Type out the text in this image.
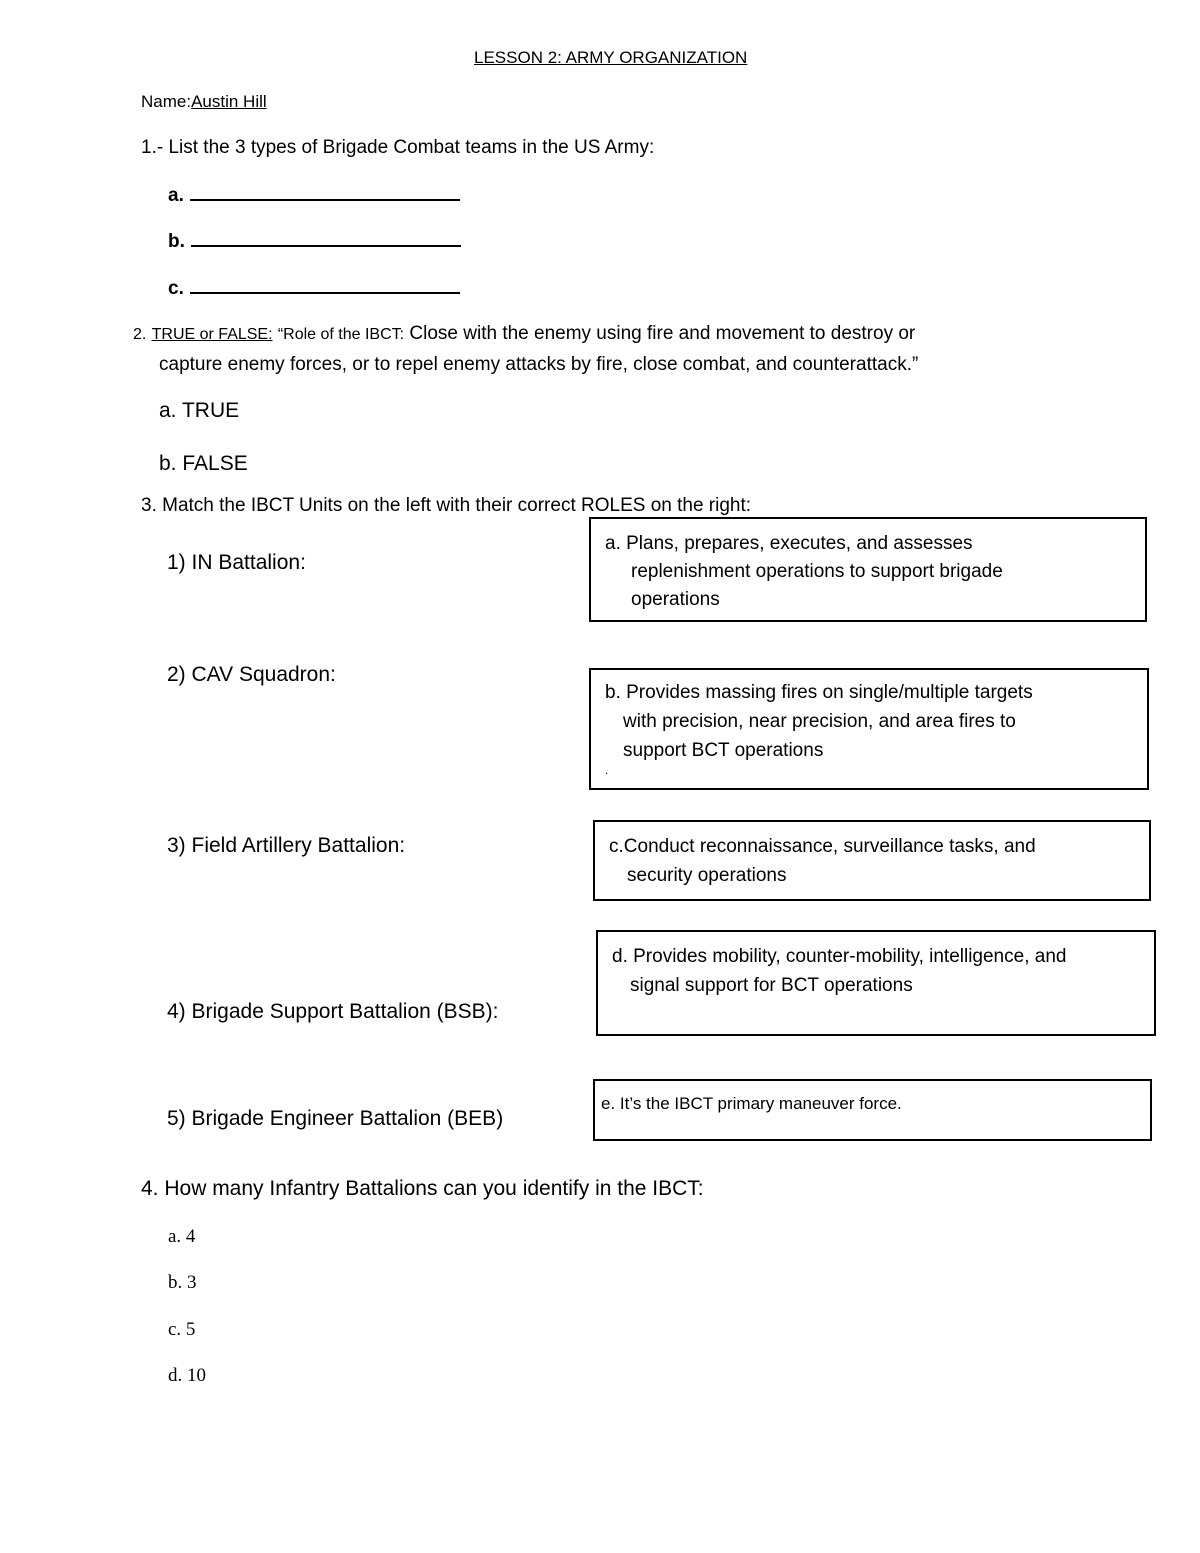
LESSON 2: ARMY ORGANIZATION
Name:Austin Hill
1.- List the 3 types of Brigade Combat teams in the US Army:
a.
b.
c.
2. TRUE or FALSE: “Role of the IBCT: Close with the enemy using fire and movement to destroy or
capture enemy forces, or to repel enemy attacks by fire, close combat, and counterattack.”
a. TRUE
b. FALSE
3. Match the IBCT Units on the left with their correct ROLES on the right:
1) IN Battalion:
2) CAV Squadron:
3) Field Artillery Battalion:
4) Brigade Support Battalion (BSB):
5) Brigade Engineer Battalion (BEB)
a. Plans, prepares, executes, and assesses
replenishment operations to support brigade
operations
b. Provides massing fires on single/multiple targets
with precision, near precision, and area fires to
support BCT operations
.
c.Conduct reconnaissance, surveillance tasks, and
security operations
d. Provides mobility, counter-mobility, intelligence, and
signal support for BCT operations
e. It’s the IBCT primary maneuver force.
4. How many Infantry Battalions can you identify in the IBCT:
a. 4
b. 3
c. 5
d. 10
